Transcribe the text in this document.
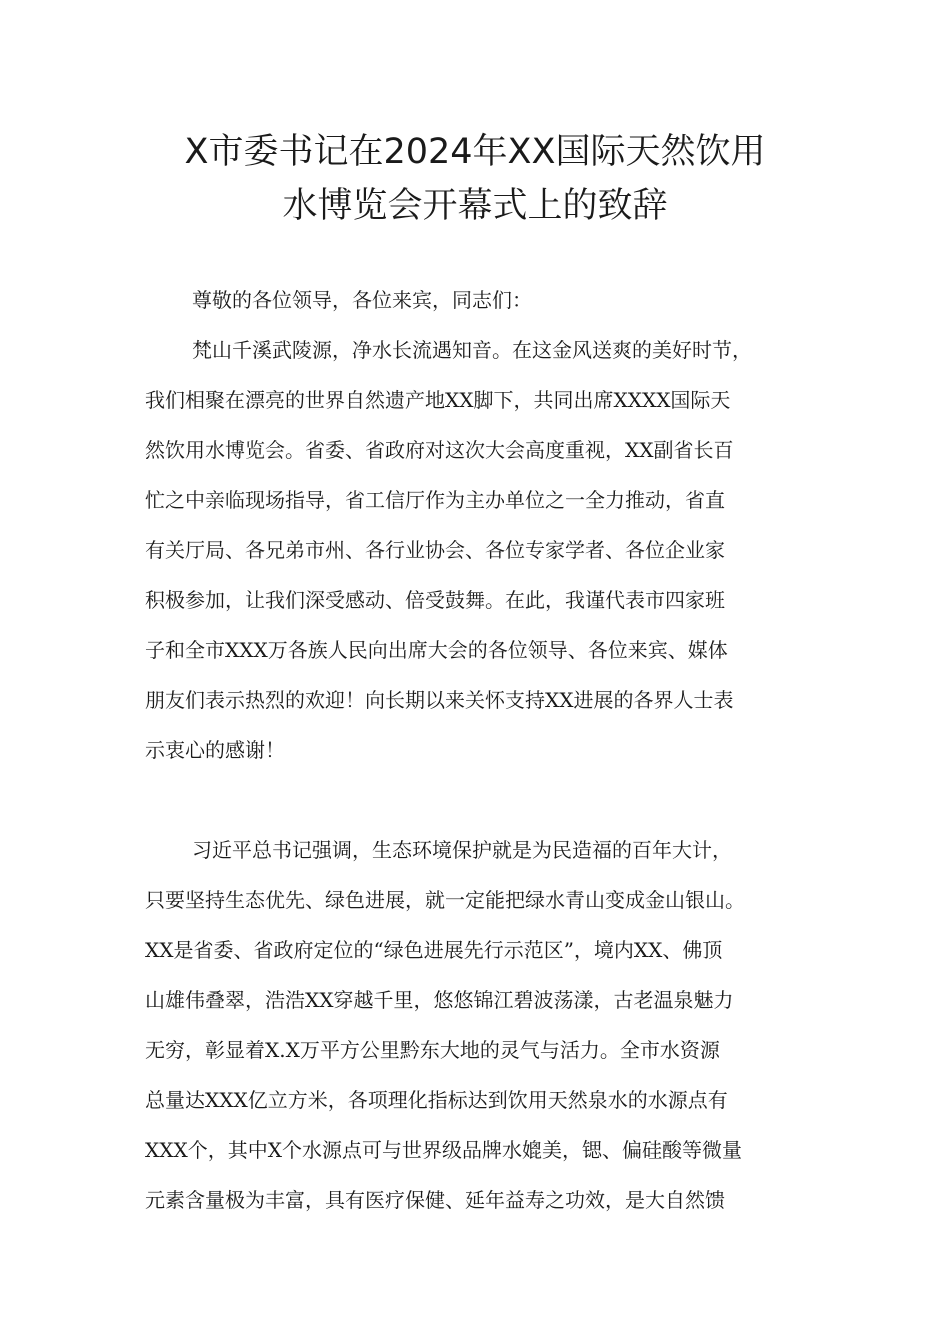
X市委书记在2024年XX国际天然饮用
水博览会开幕式上的致辞

尊敬的各位领导，各位来宾，同志们：

梵山千溪武陵源，净水长流遇知音。在这金风送爽的美好时节，

我们相聚在漂亮的世界自然遗产地XX脚下，共同出席XXXX国际天

然饮用水博览会。省委、省政府对这次大会高度重视，XX副省长百

忙之中亲临现场指导，省工信厅作为主办单位之一全力推动，省直

有关厅局、各兄弟市州、各行业协会、各位专家学者、各位企业家

积极参加，让我们深受感动、倍受鼓舞。在此，我谨代表市四家班

子和全市XXX万各族人民向出席大会的各位领导、各位来宾、媒体

朋友们表示热烈的欢迎！向长期以来关怀支持XX进展的各界人士表

示衷心的感谢！

习近平总书记强调，生态环境保护就是为民造福的百年大计，

只要坚持生态优先、绿色进展，就一定能把绿水青山变成金山银山。

XX是省委、省政府定位的“绿色进展先行示范区”，境内XX、佛顶

山雄伟叠翠，浩浩XX穿越千里，悠悠锦江碧波荡漾，古老温泉魅力

无穷，彰显着X.X万平方公里黔东大地的灵气与活力。全市水资源

总量达XXX亿立方米，各项理化指标达到饮用天然泉水的水源点有

XXX个，其中X个水源点可与世界级品牌水媲美，锶、偏硅酸等微量

元素含量极为丰富，具有医疗保健、延年益寿之功效，是大自然馈
